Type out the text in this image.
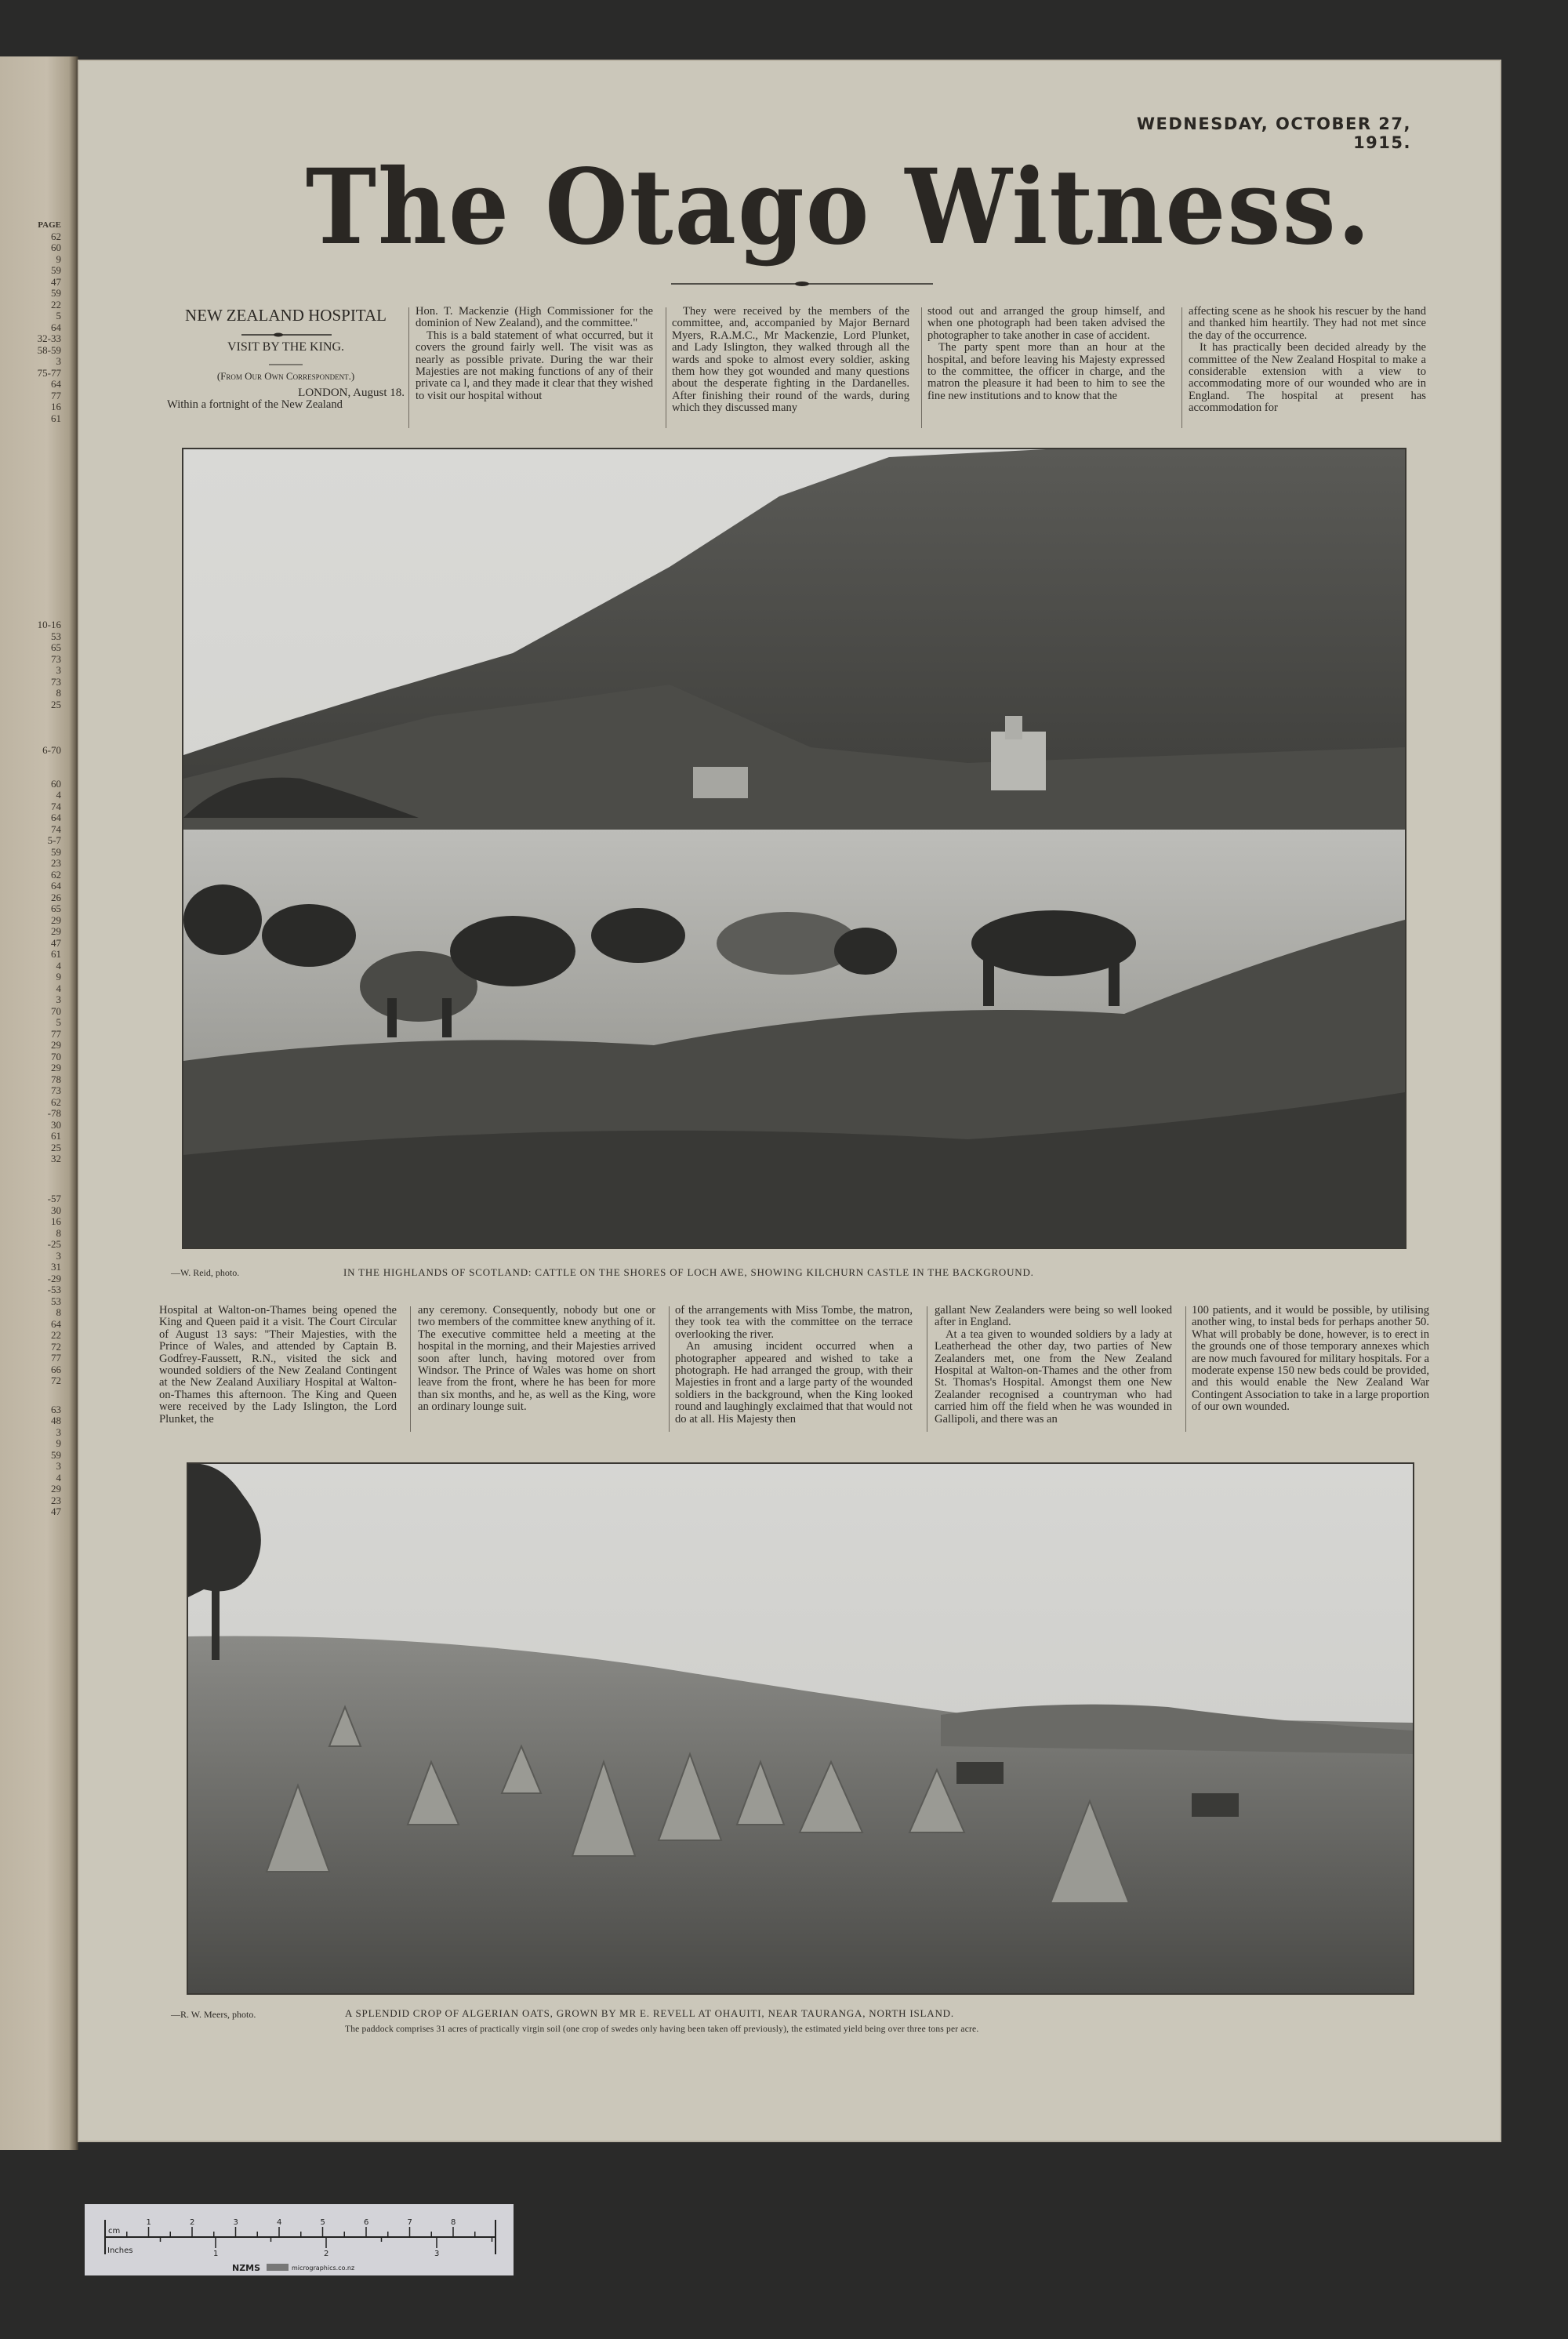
PAGE
62
60
9
59
47
59
22
5
64
32-33
58-59
3
75-77
64
77
16
61
10-16
53
65
73
3
73
8
25
6-70
60
4
74
64
74
5-7
59
23
62
64
26
65
29
29
47
61
4
9
4
3
70
5
77
29
70
29
78
73
62
-78
30
61
25
32
-57
30
16
8
-25
3
31
-29
-53
53
8
64
22
72
77
66
72
63
48
3
9
59
3
4
29
23
47
WEDNESDAY, OCTOBER 27, 1915.
The Otago Witness.
NEW ZEALAND HOSPITAL
VISIT BY THE KING.
(From Our Own Correspondent.)
LONDON, August 18.

Within a fortnight of the New Zealand

Hon. T. Mackenzie (High Commissioner for the dominion of New Zealand), and the committee."

This is a bald statement of what occurred, but it covers the ground fairly well. The visit was as nearly as possible private. During the war their Majesties are not making functions of any of their private ca l, and they made it clear that they wished to visit our hospital without

They were received by the members of the committee, and, accompanied by Major Bernard Myers, R.A.M.C., Mr Mackenzie, Lord Plunket, and Lady Islington, they walked through all the wards and spoke to almost every soldier, asking them how they got wounded and many questions about the desperate fighting in the Dardanelles. After finishing their round of the wards, during which they discussed many

stood out and arranged the group himself, and when one photograph had been taken advised the photographer to take another in case of accident.

The party spent more than an hour at the hospital, and before leaving his Majesty expressed to the committee, the officer in charge, and the matron the pleasure it had been to him to see the fine new institutions and to know that the

affecting scene as he shook his rescuer by the hand and thanked him heartily. They had not met since the day of the occurrence.

It has practically been decided already by the committee of the New Zealand Hospital to make a considerable extension with a view to accommodating more of our wounded who are in England. The hospital at present has accommodation for

—W. Reid, photo.	IN THE HIGHLANDS OF SCOTLAND: CATTLE ON THE SHORES OF LOCH AWE, SHOWING KILCHURN CASTLE IN THE BACKGROUND.

Hospital at Walton-on-Thames being opened the King and Queen paid it a visit. The Court Circular of August 13 says: "Their Majesties, with the Prince of Wales, and attended by Captain B. Godfrey-Faussett, R.N., visited the sick and wounded soldiers of the New Zealand Contingent at the New Zealand Auxiliary Hospital at Walton-on-Thames this afternoon. The King and Queen were received by the Lady Islington, the Lord Plunket, the

any ceremony. Consequently, nobody but one or two members of the committee knew anything of it. The executive committee held a meeting at the hospital in the morning, and their Majesties arrived soon after lunch, having motored over from Windsor. The Prince of Wales was home on short leave from the front, where he has been for more than six months, and he, as well as the King, wore an ordinary lounge suit.

of the arrangements with Miss Tombe, the matron, they took tea with the committee on the terrace overlooking the river.

An amusing incident occurred when a photographer appeared and wished to take a photograph. He had arranged the group, with their Majesties in front and a large party of the wounded soldiers in the background, when the King looked round and laughingly exclaimed that that would not do at all. His Majesty then

gallant New Zealanders were being so well looked after in England.

At a tea given to wounded soldiers by a lady at Leatherhead the other day, two parties of New Zealanders met, one from the New Zealand Hospital at Walton-on-Thames and the other from St. Thomas's Hospital. Amongst them one New Zealander recognised a countryman who had carried him off the field when he was wounded in Gallipoli, and there was an

100 patients, and it would be possible, by utilising another wing, to instal beds for perhaps another 50. What will probably be done, however, is to erect in the grounds one of those temporary annexes which are now much favoured for military hospitals. For a moderate expense 150 new beds could be provided, and this would enable the New Zealand War Contingent Association to take in a large proportion of our own wounded.

—R. W. Meers, photo.	A SPLENDID CROP OF ALGERIAN OATS, GROWN BY MR E. REVELL AT OHAUITI, NEAR TAURANGA, NORTH ISLAND.
The paddock comprises 31 acres of practically virgin soil (one crop of swedes only having been taken off previously), the estimated yield being over three tons per acre.
cm
Inches
1	2	3	4	5	6	7	8
1	2	3
NZMS	micrographics.co.nz
